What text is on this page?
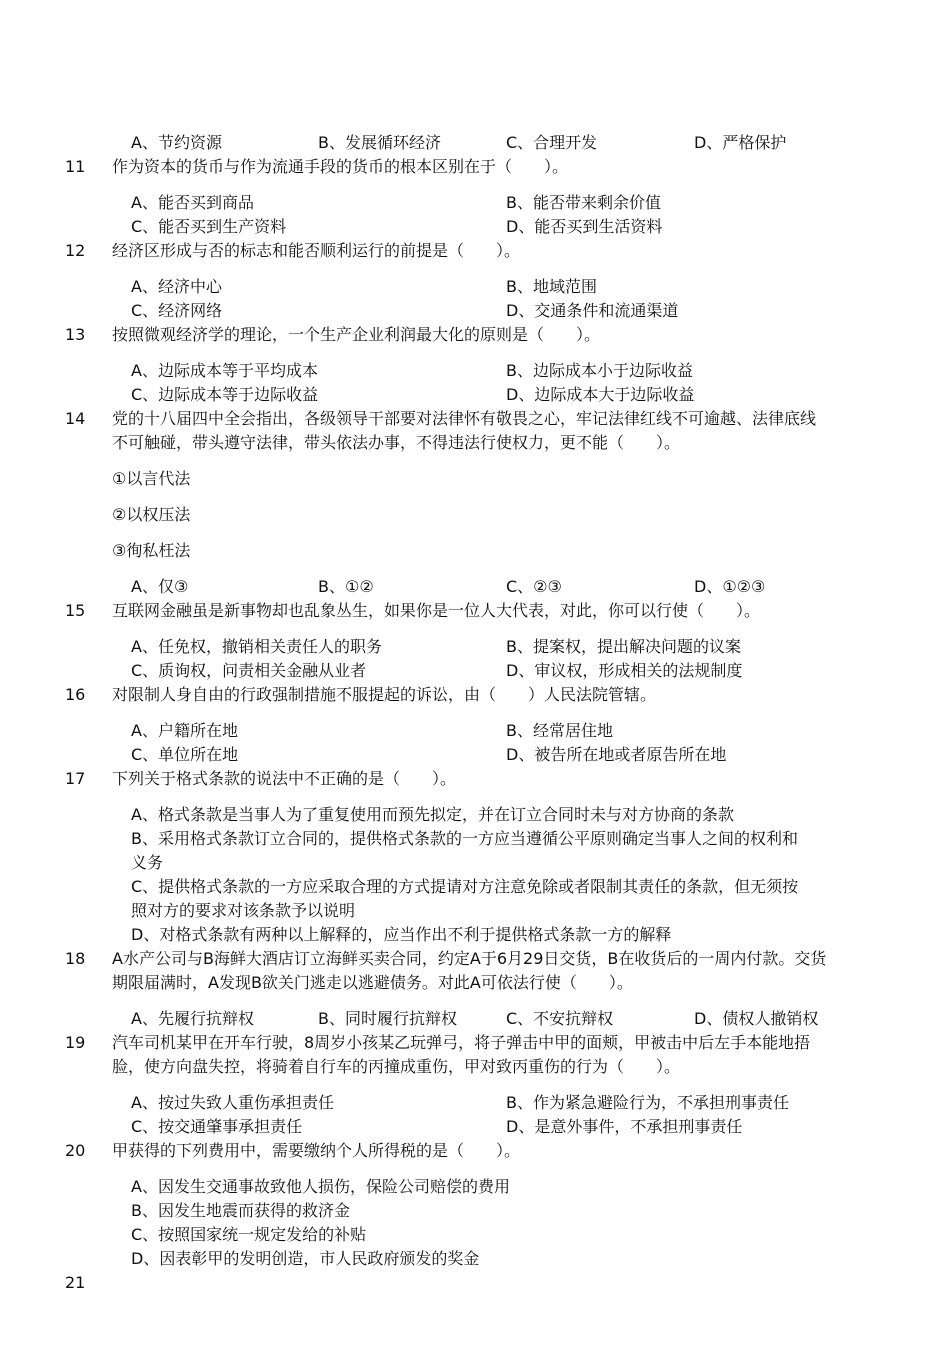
A、节约资源	B、发展循环经济	C、合理开发	D、严格保护
11	作为资本的货币与作为流通手段的货币的根本区别在于（　　）。
A、能否买到商品	B、能否带来剩余价值
C、能否买到生产资料	D、能否买到生活资料
12	经济区形成与否的标志和能否顺利运行的前提是（　　）。
A、经济中心	B、地域范围
C、经济网络	D、交通条件和流通渠道
13	按照微观经济学的理论，一个生产企业利润最大化的原则是（　　）。
A、边际成本等于平均成本	B、边际成本小于边际收益
C、边际成本等于边际收益	D、边际成本大于边际收益
14	党的十八届四中全会指出，各级领导干部要对法律怀有敬畏之心，牢记法律红线不可逾越、法律底线
不可触碰，带头遵守法律，带头依法办事，不得违法行使权力，更不能（　　）。
①以言代法
②以权压法
③徇私枉法
A、仅③	B、①②	C、②③	D、①②③
15	互联网金融虽是新事物却也乱象丛生，如果你是一位人大代表，对此，你可以行使（　　）。
A、任免权，撤销相关责任人的职务	B、提案权，提出解决问题的议案
C、质询权，问责相关金融从业者	D、审议权，形成相关的法规制度
16	对限制人身自由的行政强制措施不服提起的诉讼，由（　　）人民法院管辖。
A、户籍所在地	B、经常居住地
C、单位所在地	D、被告所在地或者原告所在地
17	下列关于格式条款的说法中不正确的是（　　）。
A、格式条款是当事人为了重复使用而预先拟定，并在订立合同时未与对方协商的条款
B、采用格式条款订立合同的，提供格式条款的一方应当遵循公平原则确定当事人之间的权利和
义务
C、提供格式条款的一方应采取合理的方式提请对方注意免除或者限制其责任的条款，但无须按
照对方的要求对该条款予以说明
D、对格式条款有两种以上解释的，应当作出不利于提供格式条款一方的解释
18	A水产公司与B海鲜大酒店订立海鲜买卖合同，约定A于6月29日交货，B在收货后的一周内付款。交货
期限届满时，A发现B欲关门逃走以逃避债务。对此A可依法行使（　　）。
A、先履行抗辩权	B、同时履行抗辩权	C、不安抗辩权	D、债权人撤销权
19	汽车司机某甲在开车行驶，8周岁小孩某乙玩弹弓，将子弹击中甲的面颊，甲被击中后左手本能地捂
脸，使方向盘失控，将骑着自行车的丙撞成重伤，甲对致丙重伤的行为（　　）。
A、按过失致人重伤承担责任	B、作为紧急避险行为，不承担刑事责任
C、按交通肇事承担责任	D、是意外事件，不承担刑事责任
20	甲获得的下列费用中，需要缴纳个人所得税的是（　　）。
A、因发生交通事故致他人损伤，保险公司赔偿的费用
B、因发生地震而获得的救济金
C、按照国家统一规定发给的补贴
D、因表彰甲的发明创造，市人民政府颁发的奖金
21
